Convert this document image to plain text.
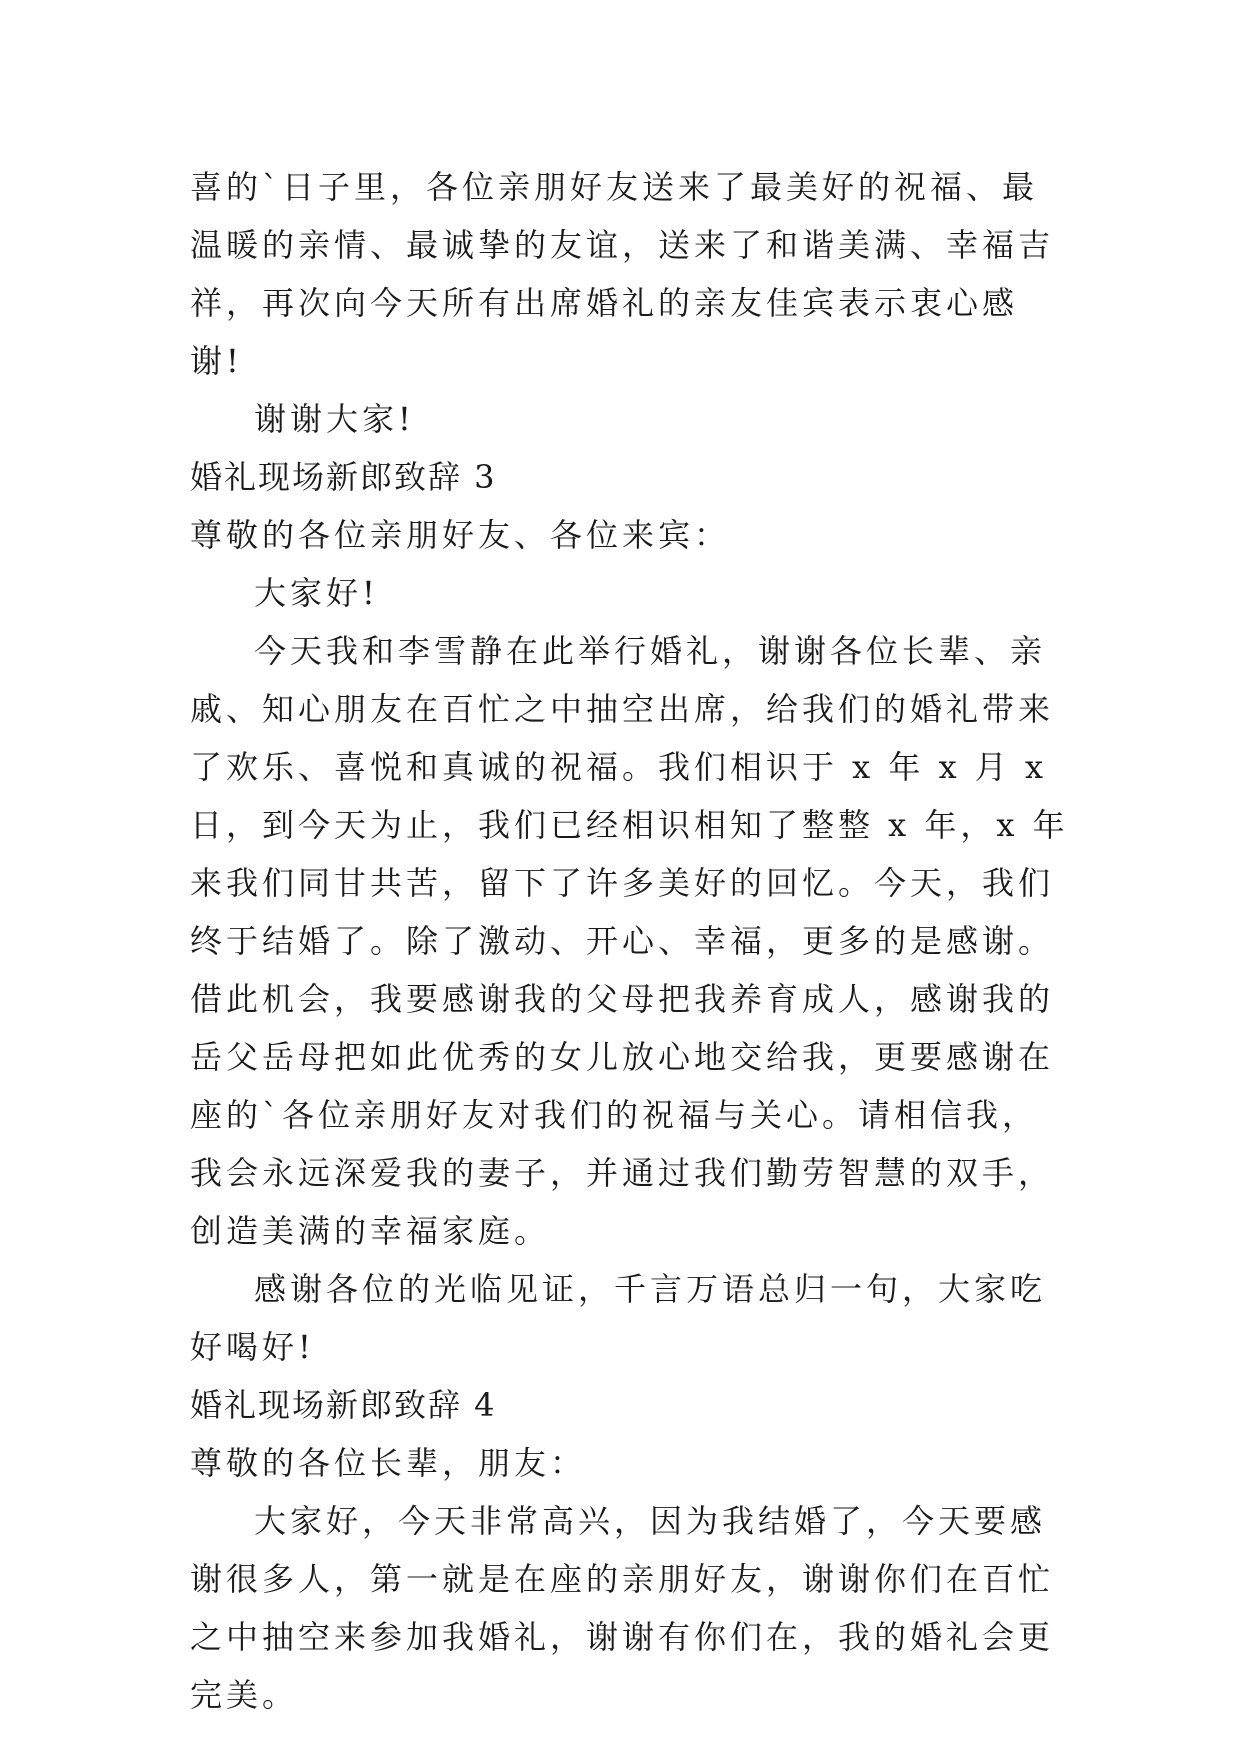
喜的`日子里，各位亲朋好友送来了最美好的祝福、最温暖的亲情、最诚挚的友谊，送来了和谐美满、幸福吉祥，再次向今天所有出席婚礼的亲友佳宾表示衷心感谢!

谢谢大家!

婚礼现场新郎致辞 3

尊敬的各位亲朋好友、各位来宾：

大家好!

今天我和李雪静在此举行婚礼，谢谢各位长辈、亲戚、知心朋友在百忙之中抽空出席，给我们的婚礼带来了欢乐、喜悦和真诚的祝福。我们相识于 x 年 x 月 x 日，到今天为止，我们已经相识相知了整整 x 年，x 年来我们同甘共苦，留下了许多美好的回忆。今天，我们终于结婚了。除了激动、开心、幸福，更多的是感谢。借此机会，我要感谢我的父母把我养育成人，感谢我的岳父岳母把如此优秀的女儿放心地交给我，更要感谢在座的`各位亲朋好友对我们的祝福与关心。请相信我，我会永远深爱我的妻子，并通过我们勤劳智慧的双手，创造美满的幸福家庭。

感谢各位的光临见证，千言万语总归一句，大家吃好喝好!

婚礼现场新郎致辞 4

尊敬的各位长辈，朋友：

大家好，今天非常高兴，因为我结婚了，今天要感谢很多人，第一就是在座的亲朋好友，谢谢你们在百忙之中抽空来参加我婚礼，谢谢有你们在，我的婚礼会更完美。
